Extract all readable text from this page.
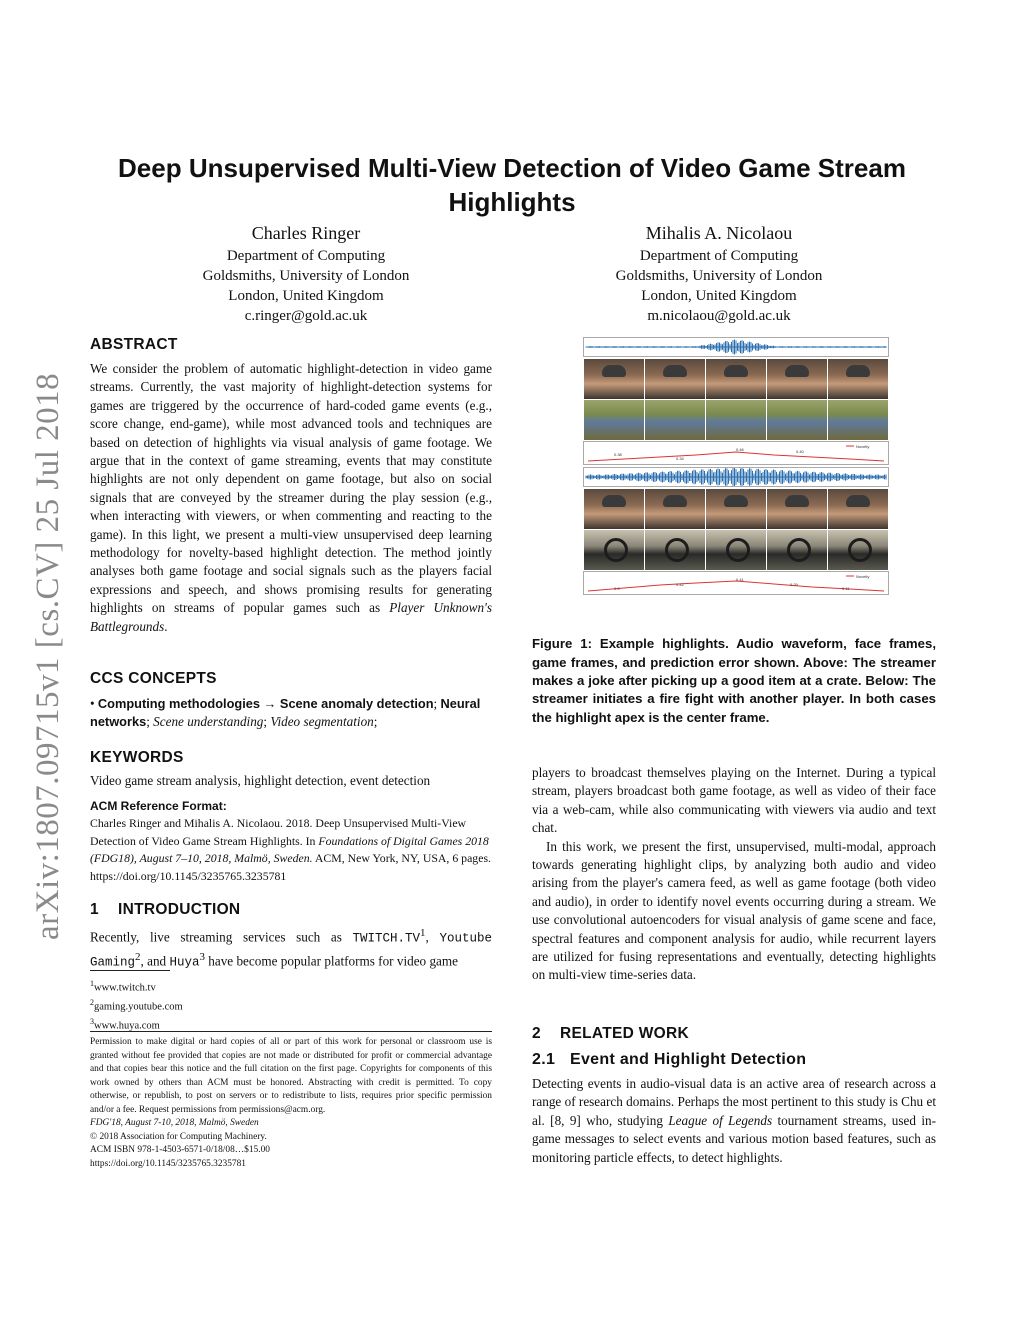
arXiv:1807.09715v1 [cs.CV] 25 Jul 2018
Deep Unsupervised Multi-View Detection of Video Game Stream Highlights
Charles Ringer
Department of Computing
Goldsmiths, University of London
London, United Kingdom
c.ringer@gold.ac.uk
Mihalis A. Nicolaou
Department of Computing
Goldsmiths, University of London
London, United Kingdom
m.nicolaou@gold.ac.uk
ABSTRACT

We consider the problem of automatic highlight-detection in video game streams. Currently, the vast majority of highlight-detection systems for games are triggered by the occurrence of hard-coded game events (e.g., score change, end-game), while most advanced tools and techniques are based on detection of highlights via visual analysis of game footage. We argue that in the context of game streaming, events that may constitute highlights are not only dependent on game footage, but also on social signals that are conveyed by the streamer during the play session (e.g., when interacting with viewers, or when commenting and reacting to the game). In this light, we present a multi-view unsupervised deep learning methodology for novelty-based highlight detection. The method jointly analyses both game footage and social signals such as the players facial expressions and speech, and shows promising results for generating highlights on streams of popular games such as Player Unknown's Battlegrounds.

CCS CONCEPTS

• Computing methodologies → Scene anomaly detection; Neural networks; Scene understanding; Video segmentation;

KEYWORDS

Video game stream analysis, highlight detection, event detection

ACM Reference Format:

Charles Ringer and Mihalis A. Nicolaou. 2018. Deep Unsupervised Multi-View Detection of Video Game Stream Highlights. In Foundations of Digital Games 2018 (FDG18), August 7–10, 2018, Malmö, Sweden. ACM, New York, NY, USA, 6 pages. https://doi.org/10.1145/3235765.3235781

1 INTRODUCTION

Recently, live streaming services such as $TWITCH.TV^1$, Youtube Gaming$^2$, and Huya$^3$ have become popular platforms for video game

$^1$www.twitch.tv
$^2$gaming.youtube.com
$^3$www.huya.com
Permission to make digital or hard copies of all or part of this work for personal or classroom use is granted without fee provided that copies are not made or distributed for profit or commercial advantage and that copies bear this notice and the full citation on the first page. Copyrights for components of this work owned by others than ACM must be honored. Abstracting with credit is permitted. To copy otherwise, or republish, to post on servers or to redistribute to lists, requires prior specific permission and/or a fee. Request permissions from permissions@acm.org.
FDG'18, August 7-10, 2018, Malmö, Sweden
© 2018 Association for Computing Machinery.
ACM ISBN 978-1-4503-6571-0/18/08…$15.00
https://doi.org/10.1145/3235765.3235781
Novelty
0.38
0.34
0.46	0.40
Novelty
0.3
0.42
0.41
0.29
0.11

Figure 1: Example highlights. Audio waveform, face frames, game frames, and prediction error shown. Above: The streamer makes a joke after picking up a good item at a crate. Below: The streamer initiates a fire fight with another player. In both cases the highlight apex is the center frame.

players to broadcast themselves playing on the Internet. During a typical stream, players broadcast both game footage, as well as video of their face via a web-cam, while also communicating with viewers via audio and text chat.

In this work, we present the first, unsupervised, multi-modal, approach towards generating highlight clips, by analyzing both audio and video arising from the player's camera feed, as well as game footage (both video and audio), in order to identify novel events occurring during a stream. We use convolutional autoencoders for visual analysis of game scene and face, spectral features and component analysis for audio, while recurrent layers are utilized for fusing representations and eventually, detecting highlights on multi-view time-series data.

2 RELATED WORK
2.1 Event and Highlight Detection

Detecting events in audio-visual data is an active area of research across a range of research domains. Perhaps the most pertinent to this study is Chu et al. [8, 9] who, studying League of Legends tournament streams, used in-game messages to select events and various motion based features, such as monitoring particle effects, to detect highlights.
